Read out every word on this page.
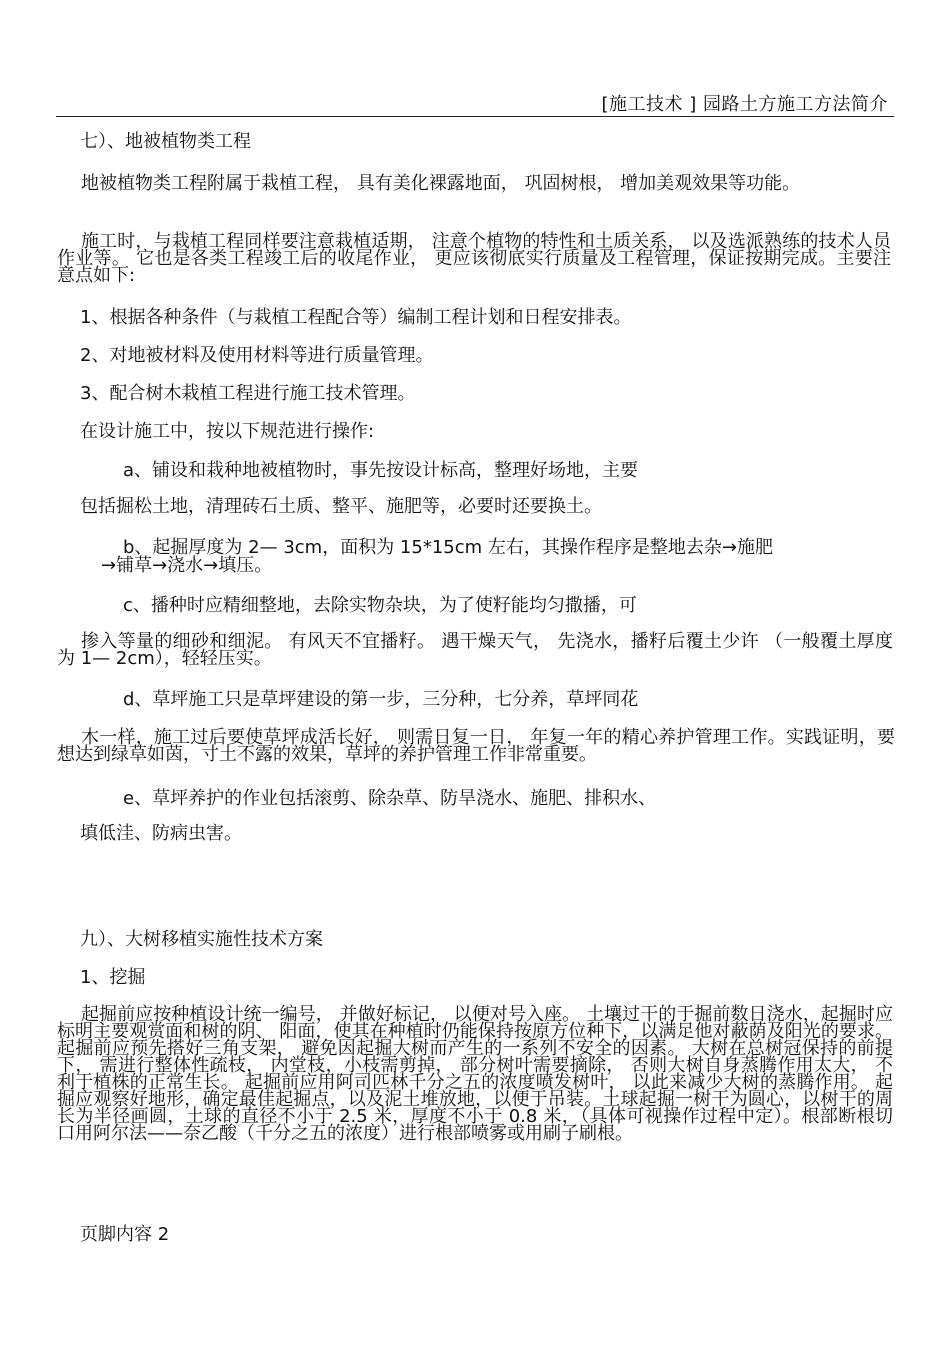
[施工技术 ] 园路土方施工方法简介
七）、地被植物类工程
地被植物类工程附属于栽植工程， 具有美化裸露地面， 巩固树根， 增加美观效果等功能。
施工时，与栽植工程同样要注意栽植适期， 注意个植物的特性和土质关系， 以及选派熟练的技术人员作业等。 它也是各类工程竣工后的收尾作业， 更应该彻底实行质量及工程管理，保证按期完成。主要注意点如下:
1、根据各种条件（与栽植工程配合等）编制工程计划和日程安排表。
2、对地被材料及使用材料等进行质量管理。
3、配合树木栽植工程进行施工技术管理。
在设计施工中，按以下规范进行操作:
a、铺设和栽种地被植物时，事先按设计标高，整理好场地，主要
包括掘松土地，清理砖石土质、整平、施肥等，必要时还要换土。
b、起掘厚度为 2— 3cm，面积为 15*15cm 左右，其操作程序是整地去杂→施肥
→铺草→浇水→填压。
c、播种时应精细整地，去除实物杂块，为了使籽能均匀撒播，可
掺入等量的细砂和细泥。 有风天不宜播籽。 遇干燥天气， 先浇水，播籽后覆土少许 （一般覆土厚度为 1— 2cm），轻轻压实。
d、草坪施工只是草坪建设的第一步，三分种，七分养，草坪同花
木一样，施工过后要使草坪成活长好， 则需日复一日， 年复一年的精心养护管理工作。实践证明，要想达到绿草如茵，寸土不露的效果，草坪的养护管理工作非常重要。
e、草坪养护的作业包括滚剪、除杂草、防旱浇水、施肥、排积水、
填低洼、防病虫害。
九）、大树移植实施性技术方案
1、挖掘
起掘前应按种植设计统一编号， 并做好标记， 以便对号入座。 土壤过干的于掘前数日浇水，起掘时应标明主要观赏面和树的阴、 阳面，使其在种植时仍能保持按原方位种下，以满足他对蔽荫及阳光的要求。 起掘前应预先搭好三角支架， 避免因起掘大树而产生的一系列不安全的因素。 大树在总树冠保持的前提下， 需进行整体性疏枝， 内堂枝，小枝需剪掉， 部分树叶需要摘除， 否则大树自身蒸腾作用太大， 不利于植株的正常生长。 起掘前应用阿司匹林千分之五的浓度喷发树叶， 以此来减少大树的蒸腾作用。 起掘应观察好地形，确定最佳起掘点，以及泥土堆放地，以便于吊装。土球起掘一树干为圆心，以树干的周长为半径画圆，土球的直径不小于 2.5 米，厚度不小于 0.8 米，（具体可视操作过程中定）。根部断根切口用阿尔法——奈乙酸（千分之五的浓度）进行根部喷雾或用刷子刷根。
页脚内容 2
